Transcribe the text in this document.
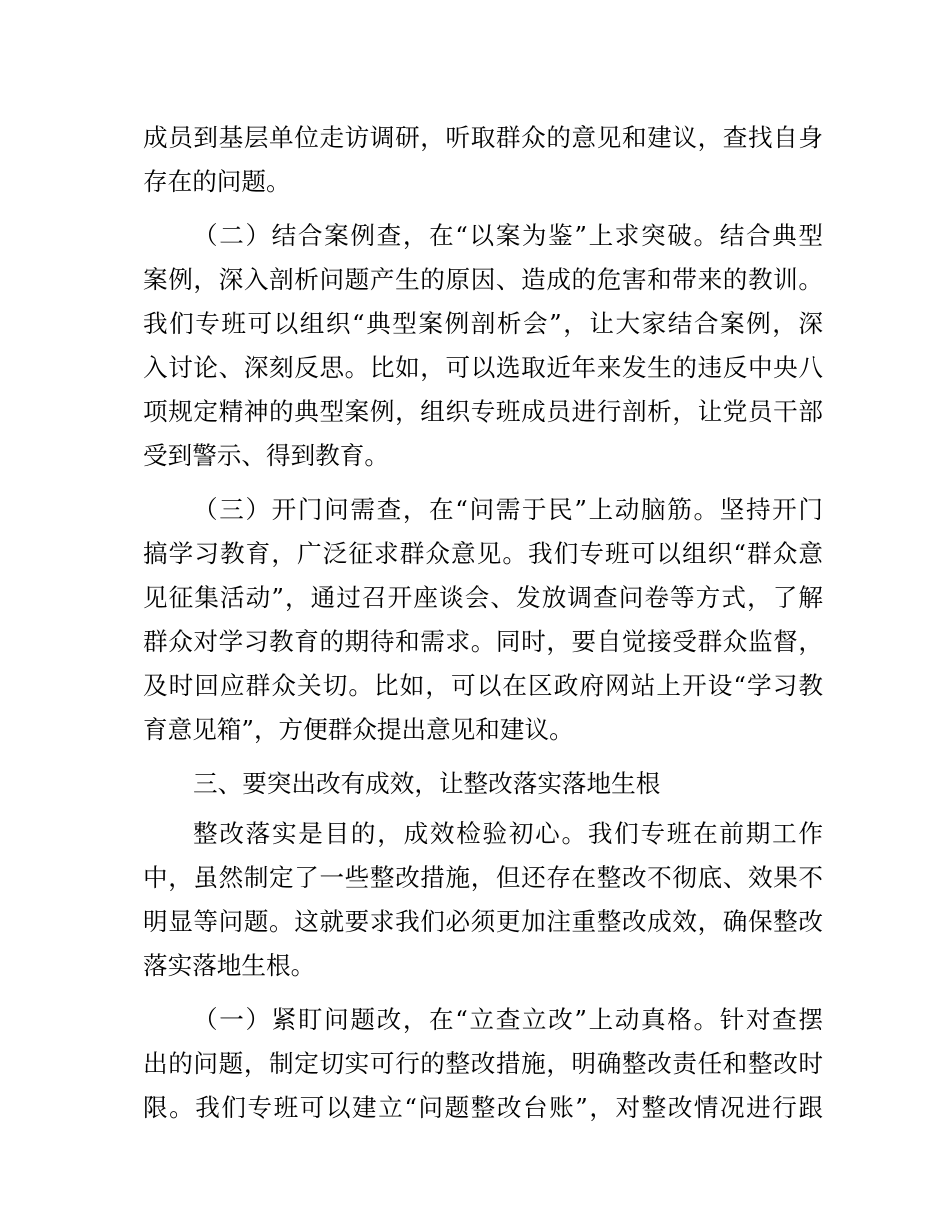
成员到基层单位走访调研，听取群众的意见和建议，查找自身
存在的问题。
（二）结合案例查，在“以案为鉴”上求突破。结合典型
案例，深入剖析问题产生的原因、造成的危害和带来的教训。
我们专班可以组织“典型案例剖析会”，让大家结合案例，深
入讨论、深刻反思。比如，可以选取近年来发生的违反中央八
项规定精神的典型案例，组织专班成员进行剖析，让党员干部
受到警示、得到教育。
（三）开门问需查，在“问需于民”上动脑筋。坚持开门
搞学习教育，广泛征求群众意见。我们专班可以组织“群众意
见征集活动”，通过召开座谈会、发放调查问卷等方式，了解
群众对学习教育的期待和需求。同时，要自觉接受群众监督，
及时回应群众关切。比如，可以在区政府网站上开设“学习教
育意见箱”，方便群众提出意见和建议。
三、要突出改有成效，让整改落实落地生根
整改落实是目的，成效检验初心。我们专班在前期工作
中，虽然制定了一些整改措施，但还存在整改不彻底、效果不
明显等问题。这就要求我们必须更加注重整改成效，确保整改
落实落地生根。
（一）紧盯问题改，在“立查立改”上动真格。针对查摆
出的问题，制定切实可行的整改措施，明确整改责任和整改时
限。我们专班可以建立“问题整改台账”，对整改情况进行跟
